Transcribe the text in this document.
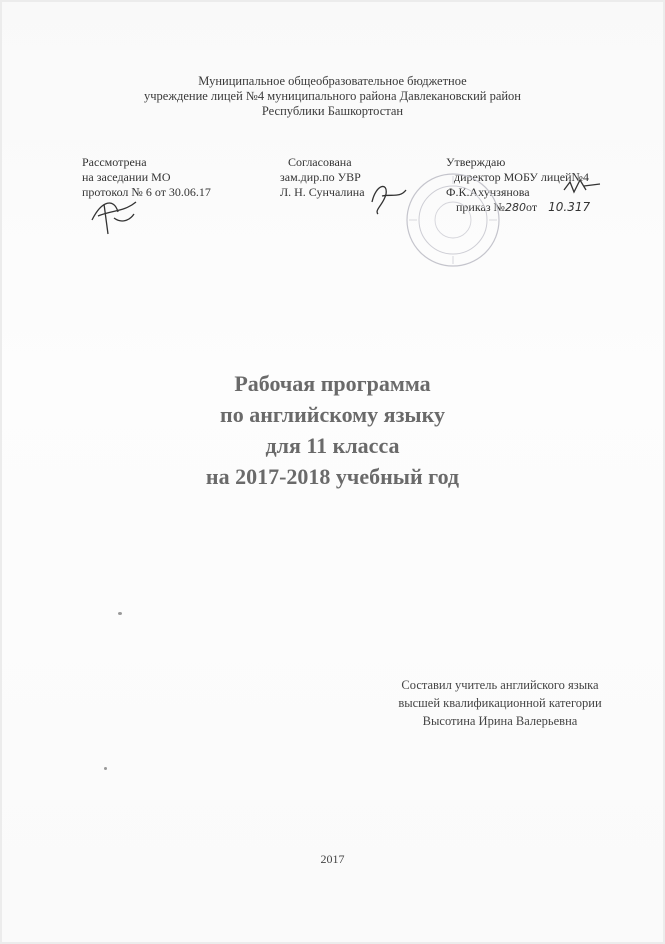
Муниципальное общеобразовательное бюджетное
учреждение лицей №4 муниципального района Давлекановский район
Республики Башкортостан
Рассмотрена
на заседании МО
протокол № 6 от 30.06.17
Согласована
зам.дир.по УВР
Л. Н. Сунчалина
Утверждаю
директор МОБУ лицей№4
Ф.К.Ахунзянова
приказ №280от 10.317
Рабочая программа
по английскому языку
для 11 класса
на 2017-2018 учебный год
Составил учитель английского языка
высшей квалификационной категории
Высотина Ирина Валерьевна
2017
